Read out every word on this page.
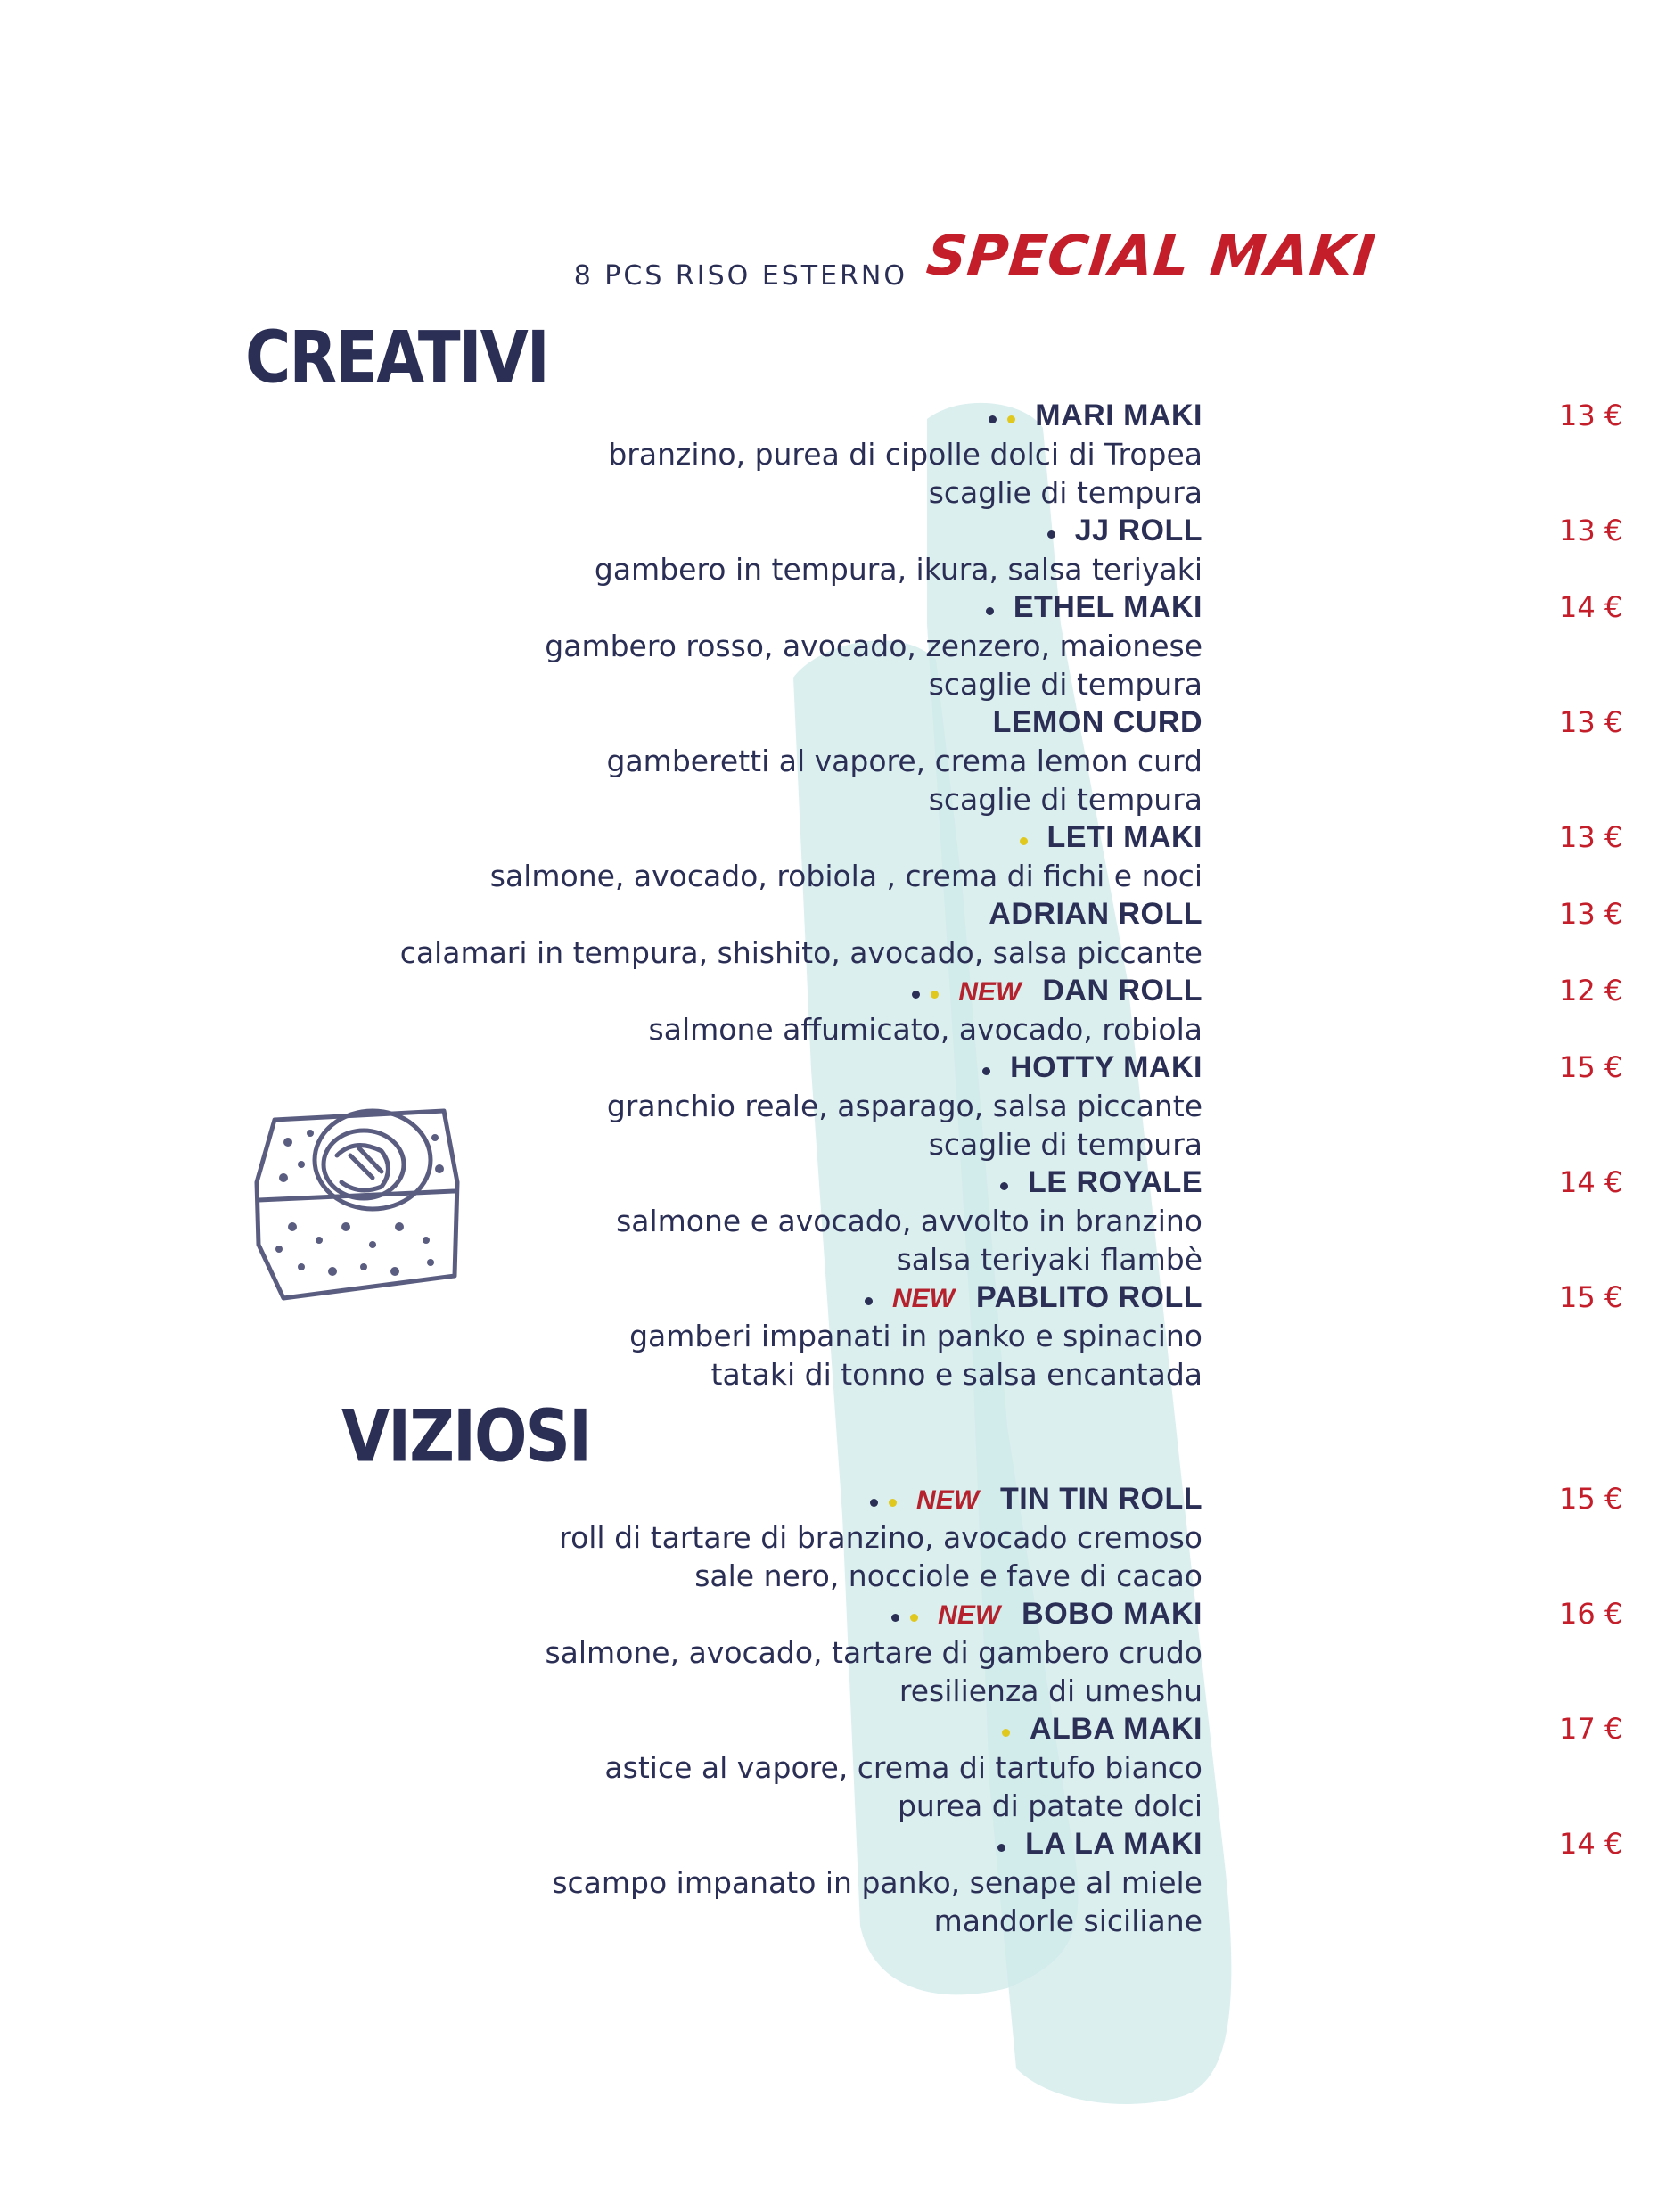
8 PCS RISO ESTERNO SPECIAL MAKI
CREATIVI
VIZIOSI
MARI MAKI
branzino, purea di cipolle dolci di Tropea
scaglie di tempura
13 €
JJ ROLL
gambero in tempura, ikura, salsa teriyaki
13 €
ETHEL MAKI
gambero rosso, avocado, zenzero, maionese
scaglie di tempura
14 €
LEMON CURD
gamberetti al vapore, crema lemon curd
scaglie di tempura
13 €
LETI MAKI
salmone, avocado, robiola , crema di fichi e noci
13 €
ADRIAN ROLL
calamari in tempura, shishito, avocado, salsa piccante
13 €
NEW DAN ROLL
salmone affumicato, avocado, robiola
12 €
HOTTY MAKI
granchio reale, asparago, salsa piccante
scaglie di tempura
15 €
LE ROYALE
salmone e avocado, avvolto in branzino
salsa teriyaki flambè
14 €
NEW PABLITO ROLL
gamberi impanati in panko e spinacino
tataki di tonno e salsa encantada
15 €
NEW TIN TIN ROLL
roll di tartare di branzino, avocado cremoso
sale nero, nocciole e fave di cacao
15 €
NEW BOBO MAKI
salmone, avocado, tartare di gambero crudo
resilienza di umeshu
16 €
ALBA MAKI
astice al vapore, crema di tartufo bianco
purea di patate dolci
17 €
LA LA MAKI
scampo impanato in panko, senape al miele
mandorle siciliane
14 €
